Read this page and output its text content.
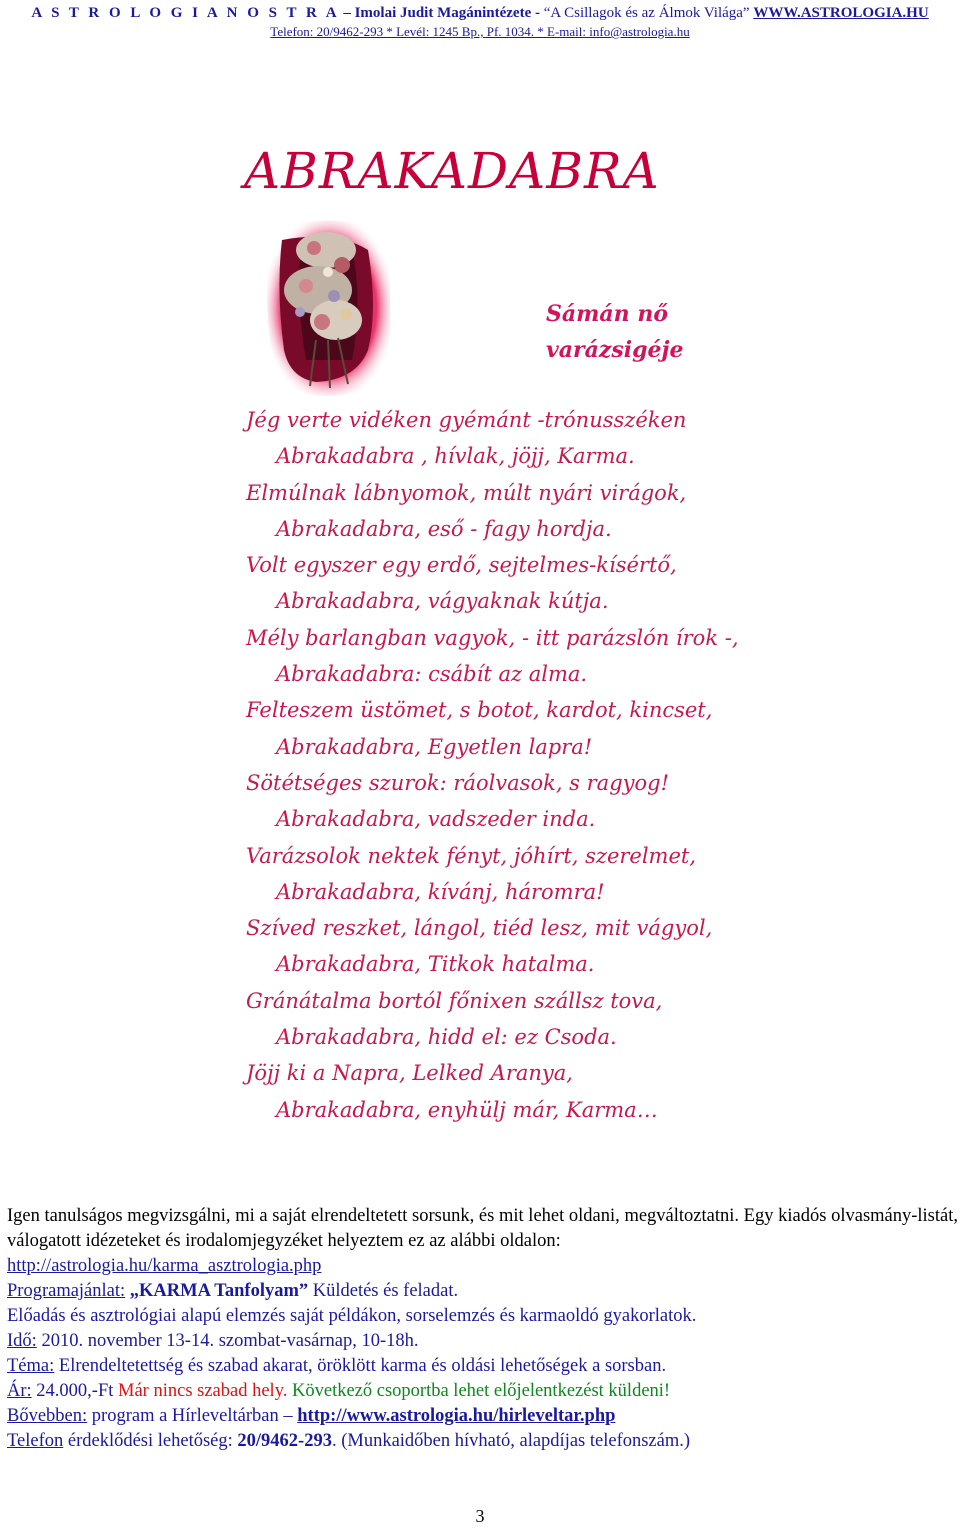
A S T R O L O G I A N O S T R A – Imolai Judit Magánintézete - “A Csillagok és az Álmok Világa” WWW.ASTROLOGIA.HU
Telefon: 20/9462-293 * Levél: 1245 Bp., Pf. 1034. * E-mail: info@astrologia.hu
ABRAKADABRA
Sámán nő
varázsigéje
Jég verte vidéken gyémánt -trónusszéken
Abrakadabra , hívlak, jöjj, Karma.
Elmúlnak lábnyomok, múlt nyári virágok,
Abrakadabra, eső - fagy hordja.
Volt egyszer egy erdő, sejtelmes-kísértő,
Abrakadabra, vágyaknak kútja.
Mély barlangban vagyok, - itt parázslón írok -,
Abrakadabra: csábít az alma.
Felteszem üstömet, s botot, kardot, kincset,
Abrakadabra, Egyetlen lapra!
Sötétséges szurok: ráolvasok, s ragyog!
Abrakadabra, vadszeder inda.
Varázsolok nektek fényt, jóhírt, szerelmet,
Abrakadabra, kívánj, háromra!
Szíved reszket, lángol, tiéd lesz, mit vágyol,
Abrakadabra, Titkok hatalma.
Gránátalma bortól főnixen szállsz tova,
Abrakadabra, hidd el: ez Csoda.
Jöjj ki a Napra, Lelked Aranya,
Abrakadabra, enyhülj már, Karma…

Igen tanulságos megvizsgálni, mi a saját elrendeltetett sorsunk, és mit lehet oldani, megváltoztatni. Egy kiadós olvasmány-listát, válogatott idézeteket és irodalomjegyzéket helyeztem ez az alábbi oldalon:

http://astrologia.hu/karma_asztrologia.php

Programajánlat: „KARMA Tanfolyam” Küldetés és feladat.

Előadás és asztrológiai alapú elemzés saját példákon, sorselemzés és karmaoldó gyakorlatok.

Idő: 2010. november 13-14. szombat-vasárnap, 10-18h.

Téma: Elrendeltetettség és szabad akarat, öröklött karma és oldási lehetőségek a sorsban.

Ár: 24.000,-Ft Már nincs szabad hely. Következő csoportba lehet előjelentkezést küldeni!

Bővebben: program a Hírleveltárban – http://www.astrologia.hu/hirleveltar.php

Telefon érdeklődési lehetőség: 20/9462-293. (Munkaidőben hívható, alapdíjas telefonszám.)

3
